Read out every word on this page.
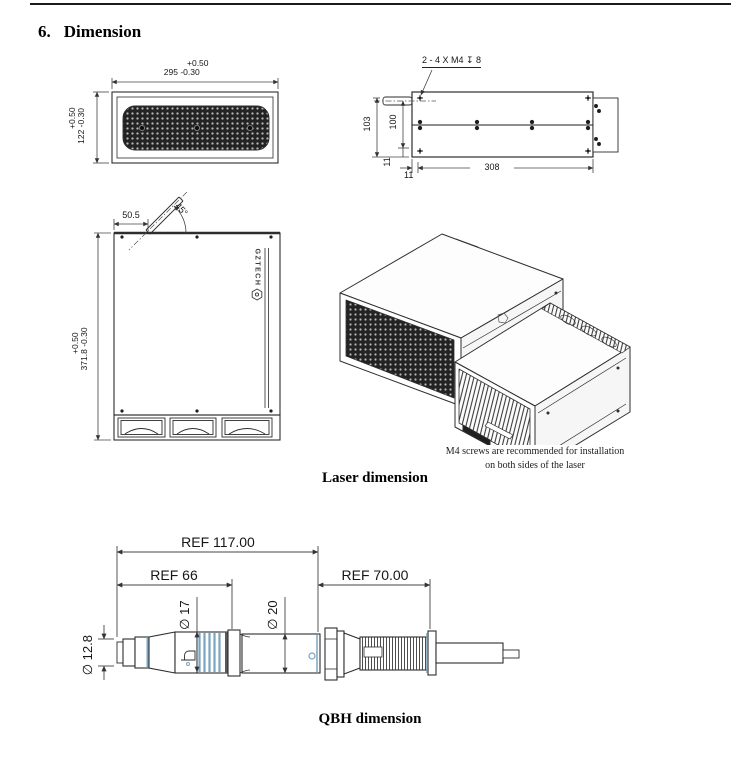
6. Dimension
+0.50
295 -0.30
+0.50
122 -0.30
2 - 4 X M4 ↧ 8
103 100
11
11
308
50.5	45°
+0.50
371.8 -0.30
GZTECH
M4 screws are recommended for installation
on both sides of the laser
Laser dimension
REF 117.00
REF 66	REF 70.00
∅ 17	∅ 20
∅ 12.8
QBH dimension
